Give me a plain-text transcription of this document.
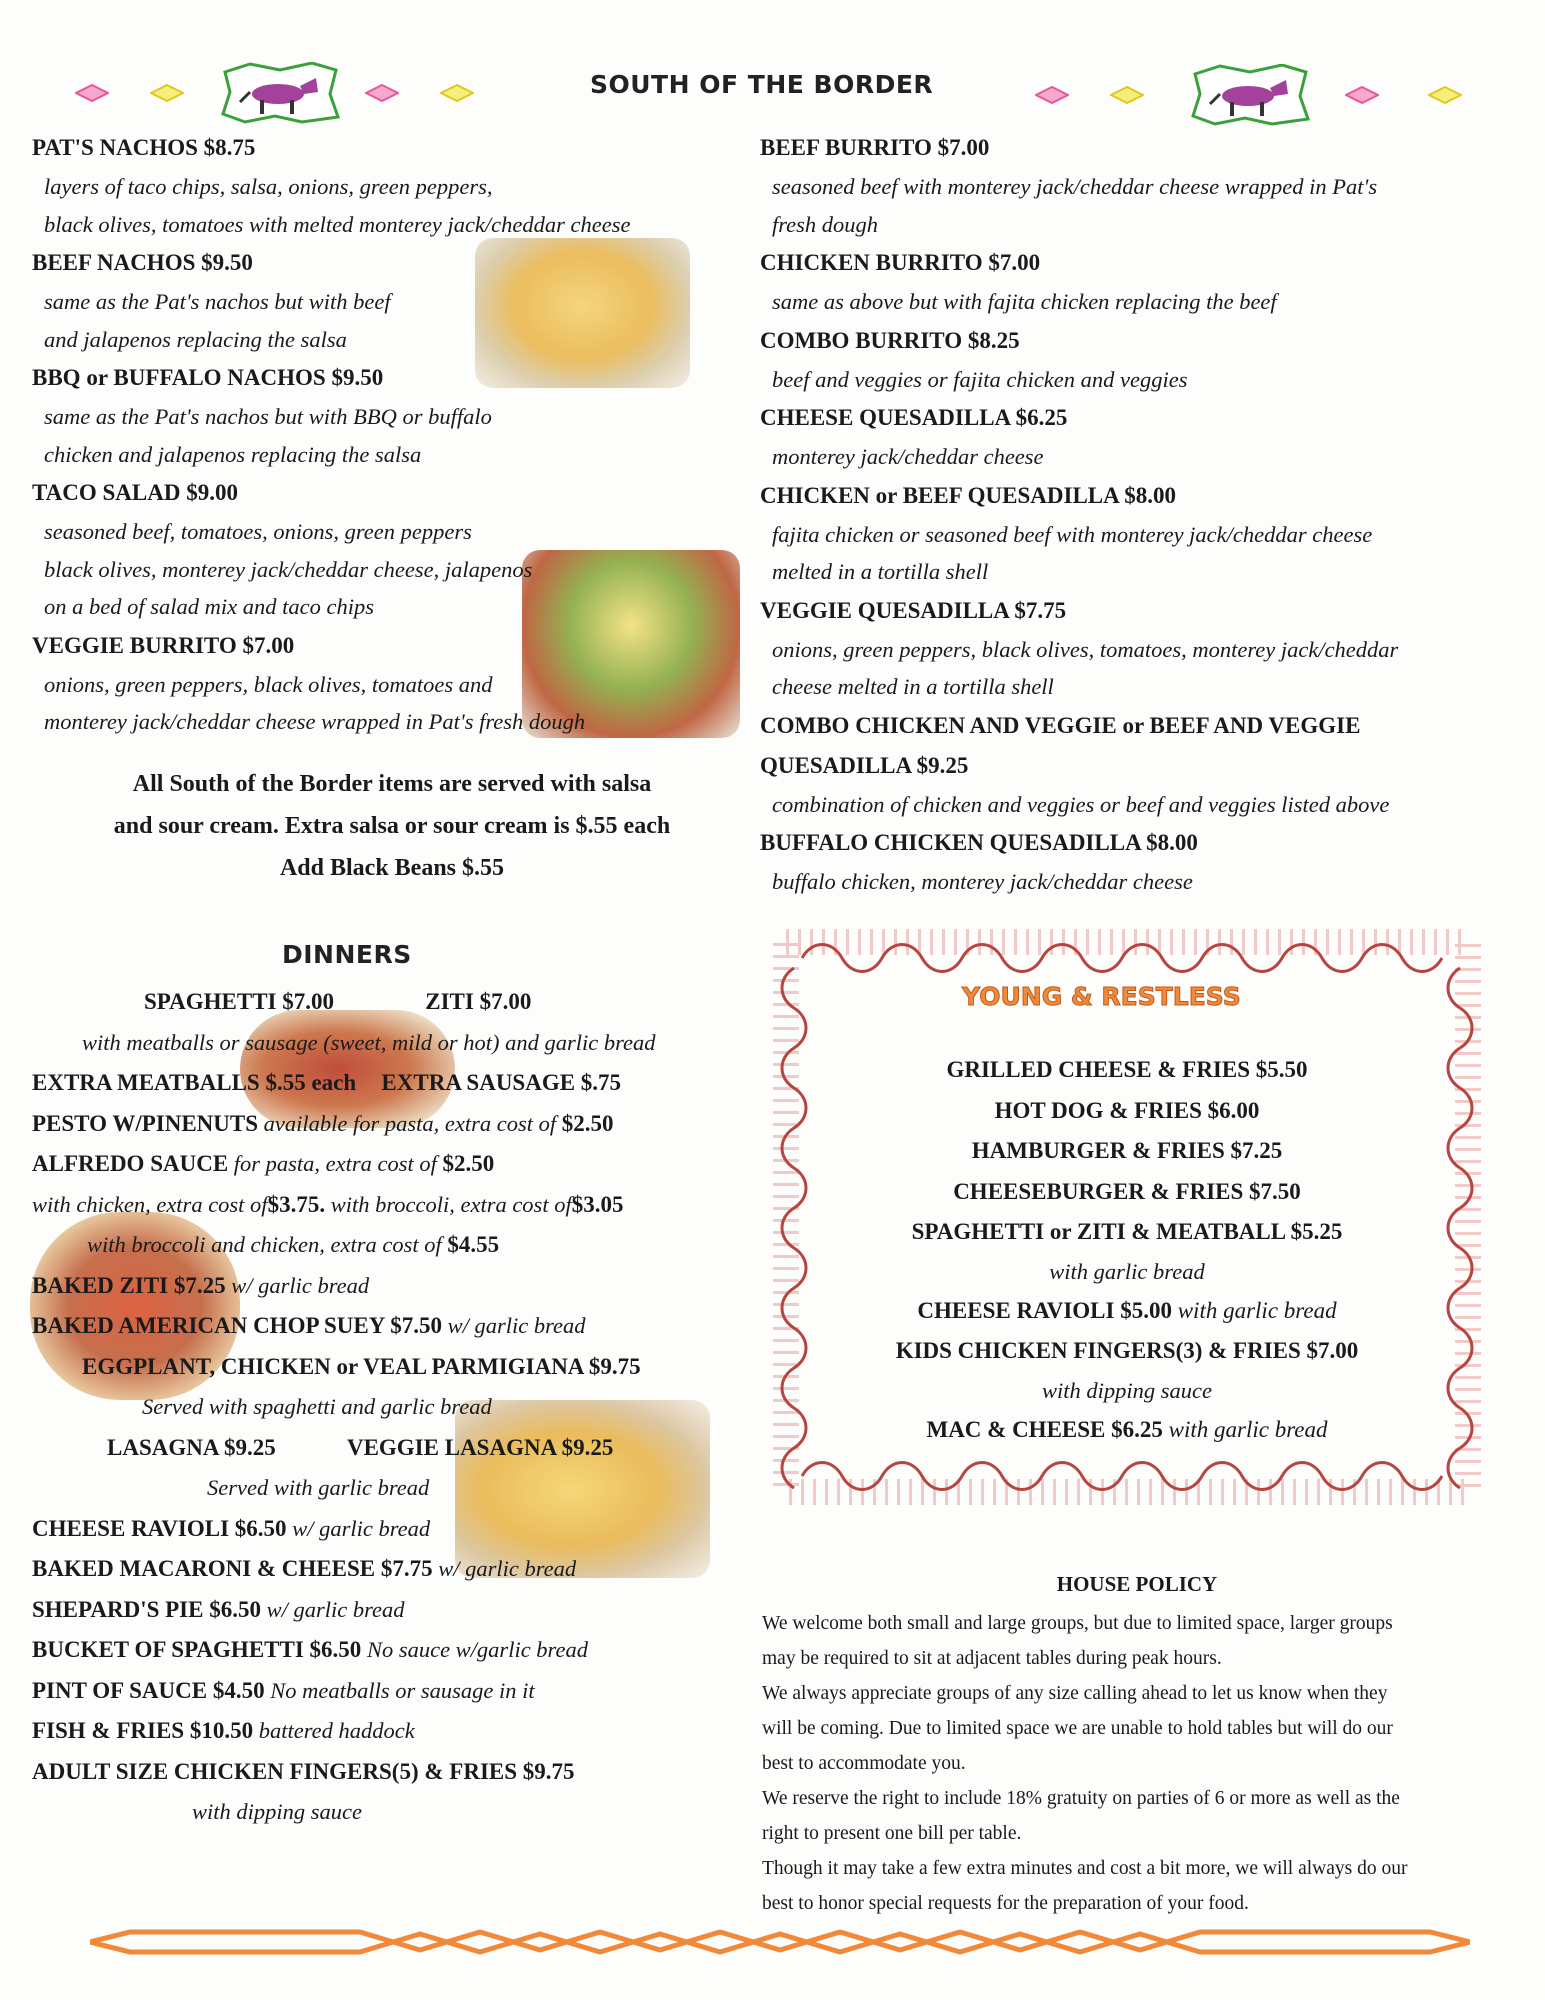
SOUTH OF THE BORDER
PAT'S NACHOS $8.75
layers of taco chips, salsa, onions, green peppers,
black olives, tomatoes with melted monterey jack/cheddar cheese
BEEF NACHOS $9.50
same as the Pat's nachos but with beef
and jalapenos replacing the salsa
BBQ or BUFFALO NACHOS $9.50
same as the Pat's nachos but with BBQ or buffalo
chicken and jalapenos replacing the salsa
TACO SALAD $9.00
seasoned beef, tomatoes, onions, green peppers
black olives, monterey jack/cheddar cheese, jalapenos
on a bed of salad mix and taco chips
VEGGIE BURRITO $7.00
onions, green peppers, black olives, tomatoes and
monterey jack/cheddar cheese wrapped in Pat's fresh dough
All South of the Border items are served with salsa
and sour cream. Extra salsa or sour cream is $.55 each
Add Black Beans $.55
BEEF BURRITO $7.00
seasoned beef with monterey jack/cheddar cheese wrapped in Pat's
fresh dough
CHICKEN BURRITO $7.00
same as above but with fajita chicken replacing the beef
COMBO BURRITO $8.25
beef and veggies or fajita chicken and veggies
CHEESE QUESADILLA $6.25
monterey jack/cheddar cheese
CHICKEN or BEEF QUESADILLA $8.00
fajita chicken or seasoned beef with monterey jack/cheddar cheese
melted in a tortilla shell
VEGGIE QUESADILLA $7.75
onions, green peppers, black olives, tomatoes, monterey jack/cheddar
cheese melted in a tortilla shell
COMBO CHICKEN AND VEGGIE or BEEF AND VEGGIE
QUESADILLA $9.25
combination of chicken and veggies or beef and veggies listed above
BUFFALO CHICKEN QUESADILLA $8.00
buffalo chicken, monterey jack/cheddar cheese
DINNERS
SPAGHETTI $7.00	ZITI $7.00
with meatballs or sausage (sweet, mild or hot) and garlic bread
EXTRA MEATBALLS $.55 each EXTRA SAUSAGE $.75
PESTO W/PINENUTS available for pasta, extra cost of $2.50
ALFREDO SAUCE for pasta, extra cost of $2.50
with chicken, extra cost of$3.75. with broccoli, extra cost of$3.05
with broccoli and chicken, extra cost of $4.55
BAKED ZITI $7.25 w/ garlic bread
BAKED AMERICAN CHOP SUEY $7.50 w/ garlic bread
EGGPLANT, CHICKEN or VEAL PARMIGIANA $9.75
Served with spaghetti and garlic bread
LASAGNA $9.25	VEGGIE LASAGNA $9.25
Served with garlic bread
CHEESE RAVIOLI $6.50 w/ garlic bread
BAKED MACARONI & CHEESE $7.75 w/ garlic bread
SHEPARD'S PIE $6.50 w/ garlic bread
BUCKET OF SPAGHETTI $6.50 No sauce w/garlic bread
PINT OF SAUCE $4.50 No meatballs or sausage in it
FISH & FRIES $10.50 battered haddock
ADULT SIZE CHICKEN FINGERS(5) & FRIES $9.75
with dipping sauce
YOUNG & RESTLESS
GRILLED CHEESE & FRIES $5.50
HOT DOG & FRIES $6.00
HAMBURGER & FRIES $7.25
CHEESEBURGER & FRIES $7.50
SPAGHETTI or ZITI & MEATBALL $5.25
with garlic bread
CHEESE RAVIOLI $5.00 with garlic bread
KIDS CHICKEN FINGERS(3) & FRIES $7.00
with dipping sauce
MAC & CHEESE $6.25 with garlic bread
HOUSE POLICY

We welcome both small and large groups, but due to limited space, larger groups

may be required to sit at adjacent tables during peak hours.

We always appreciate groups of any size calling ahead to let us know when they

will be coming. Due to limited space we are unable to hold tables but will do our

best to accommodate you.

We reserve the right to include 18% gratuity on parties of 6 or more as well as the

right to present one bill per table.

Though it may take a few extra minutes and cost a bit more, we will always do our

best to honor special requests for the preparation of your food.
